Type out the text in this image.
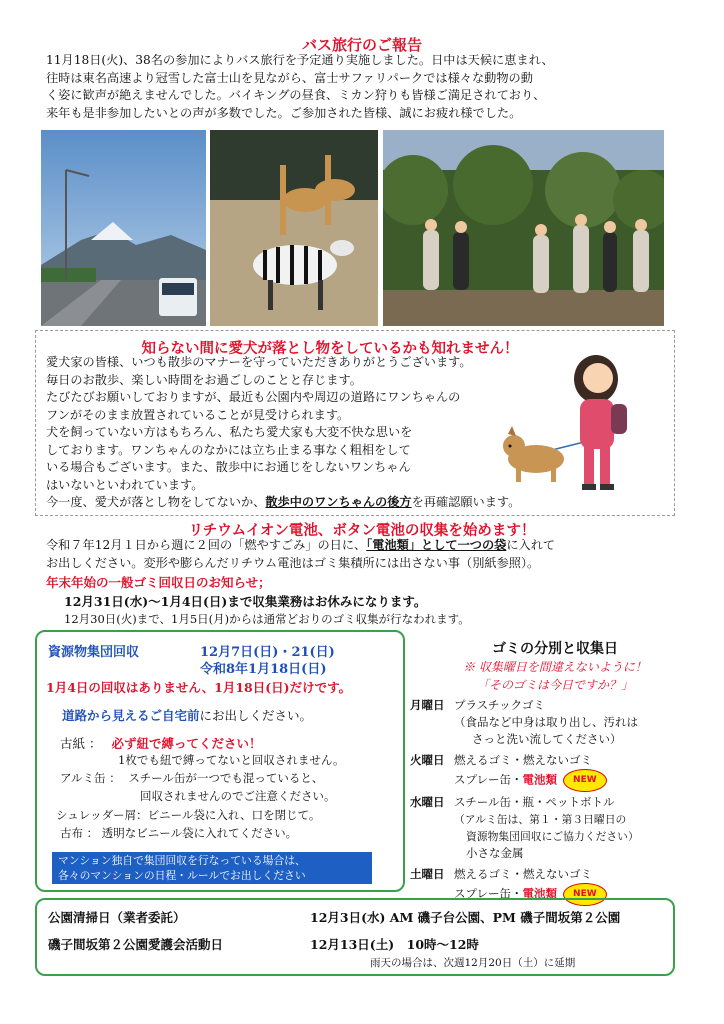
バス旅行のご報告
11月18日(火)、38名の参加によりバス旅行を予定通り実施しました。日中は天候に恵まれ、
往時は東名高速より冠雪した富士山を見ながら、富士サファリパークでは様々な動物の動
く姿に歓声が絶えませんでした。バイキングの昼食、ミカン狩りも皆様ご満足されており、
来年も是非参加したいとの声が多数でした。ご参加された皆様、誠にお疲れ様でした。
知らない間に愛犬が落とし物をしているかも知れません！
愛犬家の皆様、いつも散歩のマナーを守っていただきありがとうございます。
毎日のお散歩、楽しい時間をお過ごしのことと存じます。
たびたびお願いしておりますが、最近も公園内や周辺の道路にワンちゃんの
フンがそのまま放置されていることが見受けられます。
犬を飼っていない方はもちろん、私たち愛犬家も大変不快な思いを
しております。ワンちゃんのなかには立ち止まる事なく粗相をして
いる場合もございます。また、散歩中にお通じをしないワンちゃん
はいないといわれています。
今一度、愛犬が落とし物をしてないか、散歩中のワンちゃんの後方を再確認願います。
リチウムイオン電池、ボタン電池の収集を始めます！
令和７年12月１日から週に２回の「燃やすごみ」の日に、「電池類」として一つの袋に入れて
お出しください。変形や膨らんだリチウム電池はゴミ集積所には出さない事（別紙参照）。
年末年始の一般ゴミ回収日のお知らせ；
12月31日(水)～1月4日(日)まで収集業務はお休みになります。
12月30日(火)まで、1月5日(月)からは通常どおりのゴミ収集が行なわれます。
資源物集団回収	12月7日(日)・21(日)
令和8年1月18日(日)
1月4日の回収はありません、1月18日(日)だけです。
道路から見えるご自宅前にお出しください。
古紙 ： 必ず紐で縛ってください！
1枚でも紐で縛ってないと回収されません。
アルミ缶 ： スチール缶が一つでも混っていると、
回収されませんのでご注意ください。
シュレッダー屑：ビニール袋に入れ、口を閉じて。
古布 ： 透明なビニール袋に入れてください。
マンション独自で集団回収を行なっている場合は、
各々のマンションの日程・ルールでお出しください
ゴミの分別と収集日
※ 収集曜日を間違えないように！
「そのゴミは今日ですか？」
月曜日 プラスチックゴミ
（食品など中身は取り出し、汚れは
さっと洗い流してください）
火曜日 燃えるゴミ・燃えないゴミ
スプレー缶・電池類 NEW
水曜日 スチール缶・瓶・ペットボトル
（アルミ缶は、第１・第３日曜日の
資源物集団回収にご協力ください）
小さな金属
土曜日 燃えるゴミ・燃えないゴミ
スプレー缶・電池類 NEW
公園清掃日（業者委託）	12月3日(水) AM 磯子台公園、PM 磯子間坂第２公園
磯子間坂第２公園愛護会活動日	12月13日(土)　10時～12時
雨天の場合は、次週12月20日（土）に延期
